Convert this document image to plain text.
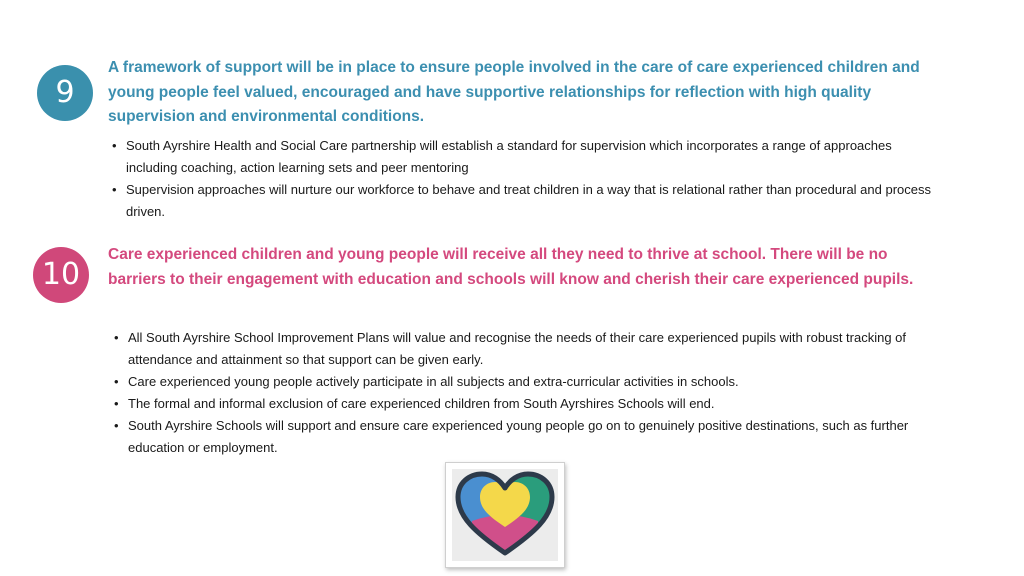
9

A framework of support will be in place to ensure people involved in the care of care experienced children and young people feel valued, encouraged and have supportive relationships for reflection with high quality supervision and environmental conditions.

• South Ayrshire Health and Social Care partnership will establish a standard for supervision which incorporates a range of approaches including coaching, action learning sets and peer mentoring
• Supervision approaches will nurture our workforce to behave and treat children in a way that is relational rather than procedural and process driven.
10

Care experienced children and young people will receive all they need to thrive at school. There will be no barriers to their engagement with education and schools will know and cherish their care experienced pupils.

• All South Ayrshire School Improvement Plans will value and recognise the needs of their care experienced pupils with robust tracking of attendance and attainment so that support can be given early.
• Care experienced young people actively participate in all subjects and extra-curricular activities in schools.
• The formal and informal exclusion of care experienced children from South Ayrshires Schools will end.
• South Ayrshire Schools will support and ensure care experienced young people go on to genuinely positive destinations, such as further education or employment.
